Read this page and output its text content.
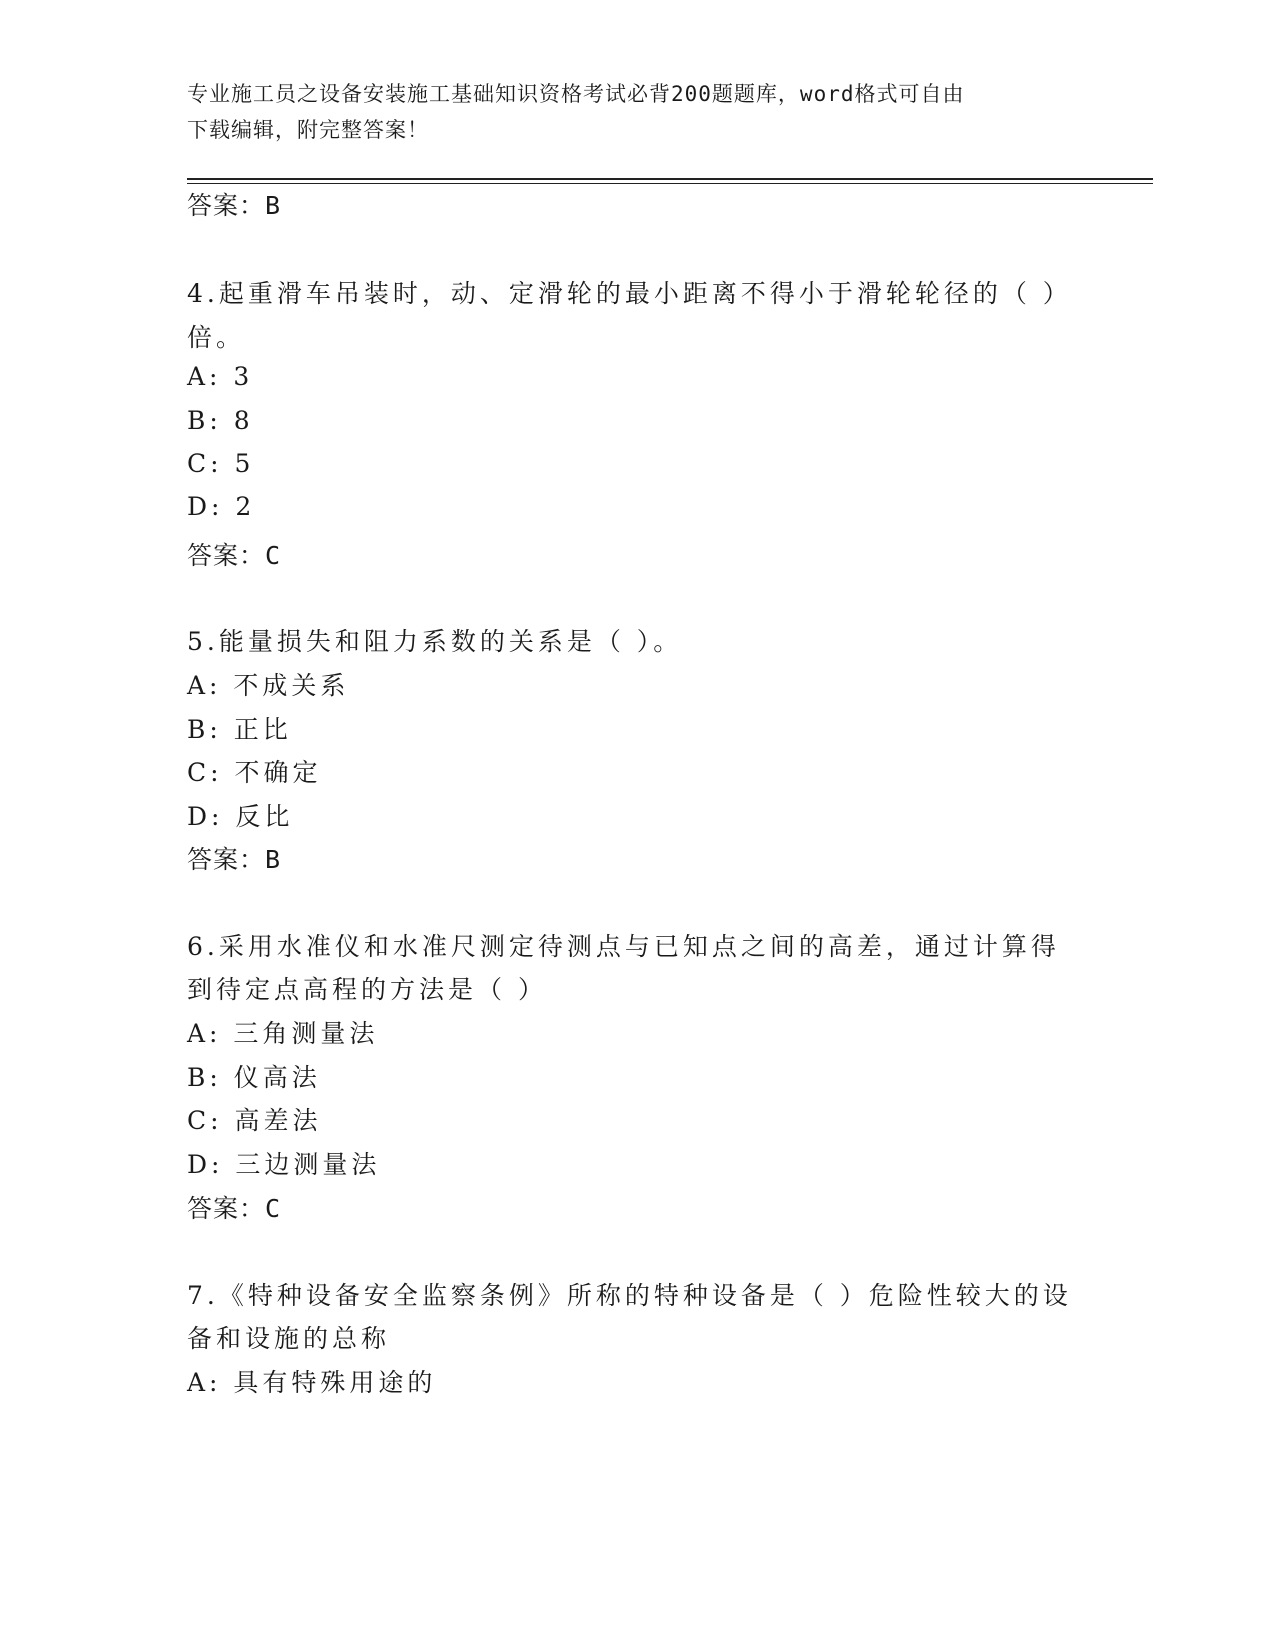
专业施工员之设备安装施工基础知识资格考试必背200题题库，word格式可自由
下载编辑，附完整答案！
答案：B
4.起重滑车吊装时，动、定滑轮的最小距离不得小于滑轮轮径的（ ）
倍。
A: 3
B: 8
C: 5
D: 2
答案：C
5.能量损失和阻力系数的关系是（ ）。
A: 不成关系
B: 正比
C: 不确定
D: 反比
答案：B
6.采用水准仪和水准尺测定待测点与已知点之间的高差，通过计算得
到待定点高程的方法是（ ）
A: 三角测量法
B: 仪高法
C: 高差法
D: 三边测量法
答案：C
7.《特种设备安全监察条例》所称的特种设备是（ ）危险性较大的设
备和设施的总称
A: 具有特殊用途的
